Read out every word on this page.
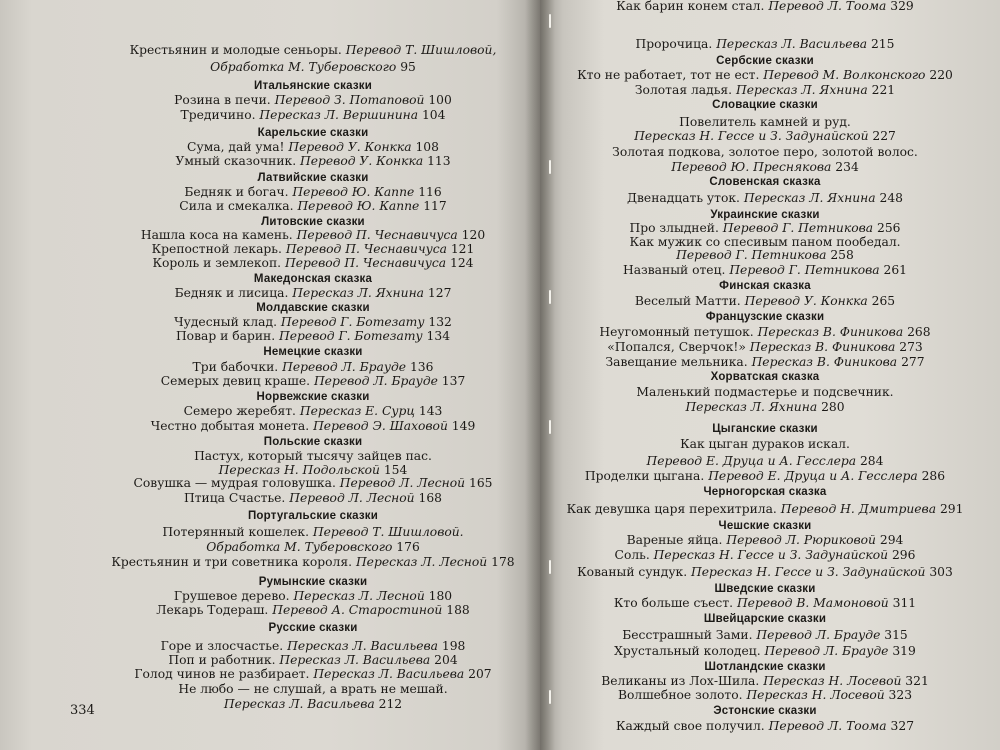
334
Крестьянин и молодые сеньоры. Перевод Т. Шишловой,
Обработка М. Туберовского 95
Итальянские сказки
Розина в печи. Перевод З. Потаповой 100
Тредичино. Пересказ Л. Вершинина 104
Карельские сказки
Сума, дай ума! Перевод У. Конкка 108
Умный сказочник. Перевод У. Конкка 113
Латвийские сказки
Бедняк и богач. Перевод Ю. Каппе 116
Сила и смекалка. Перевод Ю. Каппе 117
Литовские сказки
Нашла коса на камень. Перевод П. Чеснавичуса 120
Крепостной лекарь. Перевод П. Чеснавичуса 121
Король и землекоп. Перевод П. Чеснавичуса 124
Македонская сказка
Бедняк и лисица. Пересказ Л. Яхнина 127
Молдавские сказки
Чудесный клад. Перевод Г. Ботезату 132
Повар и барин. Перевод Г. Ботезату 134
Немецкие сказки
Три бабочки. Перевод Л. Брауде 136
Семерых девиц краше. Перевод Л. Брауде 137
Норвежские сказки
Семеро жеребят. Пересказ Е. Сурц 143
Честно добытая монета. Перевод Э. Шаховой 149
Польские сказки
Пастух, который тысячу зайцев пас.
Пересказ Н. Подольской 154
Совушка — мудрая головушка. Перевод Л. Лесной 165
Птица Счастье. Перевод Л. Лесной 168
Португальские сказки
Потерянный кошелек. Перевод Т. Шишловой.
Обработка М. Туберовского 176
Крестьянин и три советника короля. Пересказ Л. Лесной 178
Румынские сказки
Грушевое дерево. Пересказ Л. Лесной 180
Лекарь Тодераш. Перевод А. Старостиной 188
Русские сказки
Горе и злосчастье. Пересказ Л. Васильева 198
Поп и работник. Пересказ Л. Васильева 204
Голод чинов не разбирает. Пересказ Л. Васильева 207
Не любо — не слушай, а врать не мешай.
Пересказ Л. Васильева 212
Пророчица. Пересказ Л. Васильева 215
Сербские сказки
Кто не работает, тот не ест. Перевод М. Волконского 220
Золотая ладья. Пересказ Л. Яхнина 221
Словацкие сказки
Повелитель камней и руд.
Пересказ Н. Гессе и З. Задунайской 227
Золотая подкова, золотое перо, золотой волос.
Перевод Ю. Преснякова 234
Словенская сказка
Двенадцать уток. Пересказ Л. Яхнина 248
Украинские сказки
Про злыдней. Перевод Г. Петникова 256
Как мужик со спесивым паном пообедал.
Перевод Г. Петникова 258
Названый отец. Перевод Г. Петникова 261
Финская сказка
Веселый Матти. Перевод У. Конкка 265
Французские сказки
Неугомонный петушок. Пересказ В. Финикова 268
«Попался, Сверчок!» Пересказ В. Финикова 273
Завещание мельника. Пересказ В. Финикова 277
Хорватская сказка
Маленький подмастерье и подсвечник.
Пересказ Л. Яхнина 280
Цыганские сказки
Как цыган дураков искал.
Перевод Е. Друца и А. Гесслера 284
Проделки цыгана. Перевод Е. Друца и А. Гесслера 286
Черногорская сказка
Как девушка царя перехитрила. Перевод Н. Дмитриева 291
Чешские сказки
Вареные яйца. Перевод Л. Рюриковой 294
Соль. Пересказ Н. Гессе и З. Задунайской 296
Кованый сундук. Пересказ Н. Гессе и З. Задунайской 303
Шведские сказки
Кто больше съест. Перевод В. Мамоновой 311
Швейцарские сказки
Бесстрашный Зами. Перевод Л. Брауде 315
Хрустальный колодец. Перевод Л. Брауде 319
Шотландские сказки
Великаны из Лох-Шила. Пересказ Н. Лосевой 321
Волшебное золото. Пересказ Н. Лосевой 323
Эстонские сказки
Каждый свое получил. Перевод Л. Тоома 327
Как барин конем стал. Перевод Л. Тоома 329
